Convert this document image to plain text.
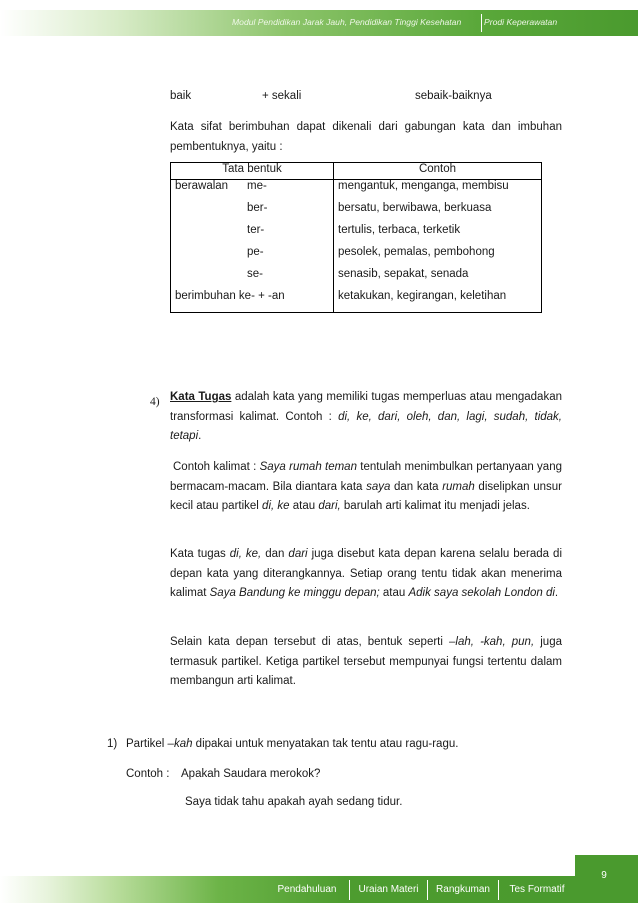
Modul Pendidikan Jarak Jauh, Pendidikan Tinggi Kesehatan	Prodi Keperawatan
baik	+ sekali	sebaik-baiknya
Kata sifat berimbuhan dapat dikenali dari gabungan kata dan imbuhan pembentuknya, yaitu :
Tata bentuk		Contoh
berawalan	me-	mengantuk, menganga, membisu
	ber-	bersatu, berwibawa, berkuasa
	ter-	tertulis, terbaca, terketik
	pe-	pesolek, pemalas, pembohong
	se-	senasib, sepakat, senada
berimbuhan ke- + -an		ketakukan, kegirangan, keletihan
4) Kata Tugas adalah kata yang memiliki tugas memperluas atau mengadakan transformasi kalimat. Contoh : di, ke, dari, oleh, dan, lagi, sudah, tidak, tetapi.
Contoh kalimat : Saya rumah teman tentulah menimbulkan pertanyaan yang bermacam-macam. Bila diantara kata saya dan kata rumah diselipkan unsur kecil atau partikel di, ke atau dari, barulah arti kalimat itu menjadi jelas.
Kata tugas di, ke, dan dari juga disebut kata depan karena selalu berada di depan kata yang diterangkannya. Setiap orang tentu tidak akan menerima kalimat Saya Bandung ke minggu depan; atau Adik saya sekolah London di.
Selain kata depan tersebut di atas, bentuk seperti –lah, -kah, pun, juga termasuk partikel. Ketiga partikel tersebut mempunyai fungsi tertentu dalam membangun arti kalimat.
1) Partikel –kah dipakai untuk menyatakan tak tentu atau ragu-ragu.
Contoh :	Apakah Saudara merokok?
Saya tidak tahu apakah ayah sedang tidur.
Pendahuluan	Uraian Materi	Rangkuman	Tes Formatif
9
